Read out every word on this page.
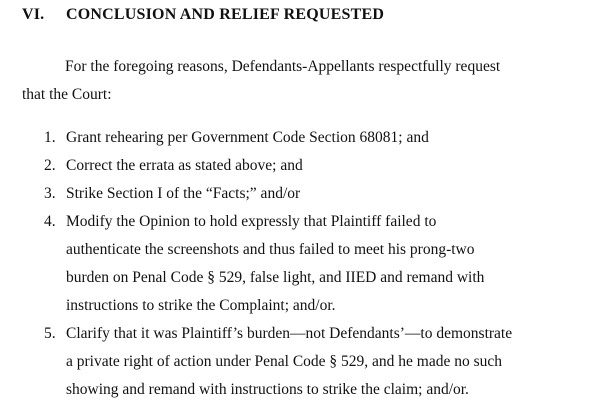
VI. CONCLUSION AND RELIEF REQUESTED
For the foregoing reasons, Defendants-Appellants respectfully request
that the Court:
1. Grant rehearing per Government Code Section 68081; and
2. Correct the errata as stated above; and
3. Strike Section I of the “Facts;” and/or
4. Modify the Opinion to hold expressly that Plaintiff failed to
authenticate the screenshots and thus failed to meet his prong-two
burden on Penal Code § 529, false light, and IIED and remand with
instructions to strike the Complaint; and/or.
5. Clarify that it was Plaintiff’s burden—not Defendants’—to demonstrate
a private right of action under Penal Code § 529, and he made no such
showing and remand with instructions to strike the claim; and/or.
